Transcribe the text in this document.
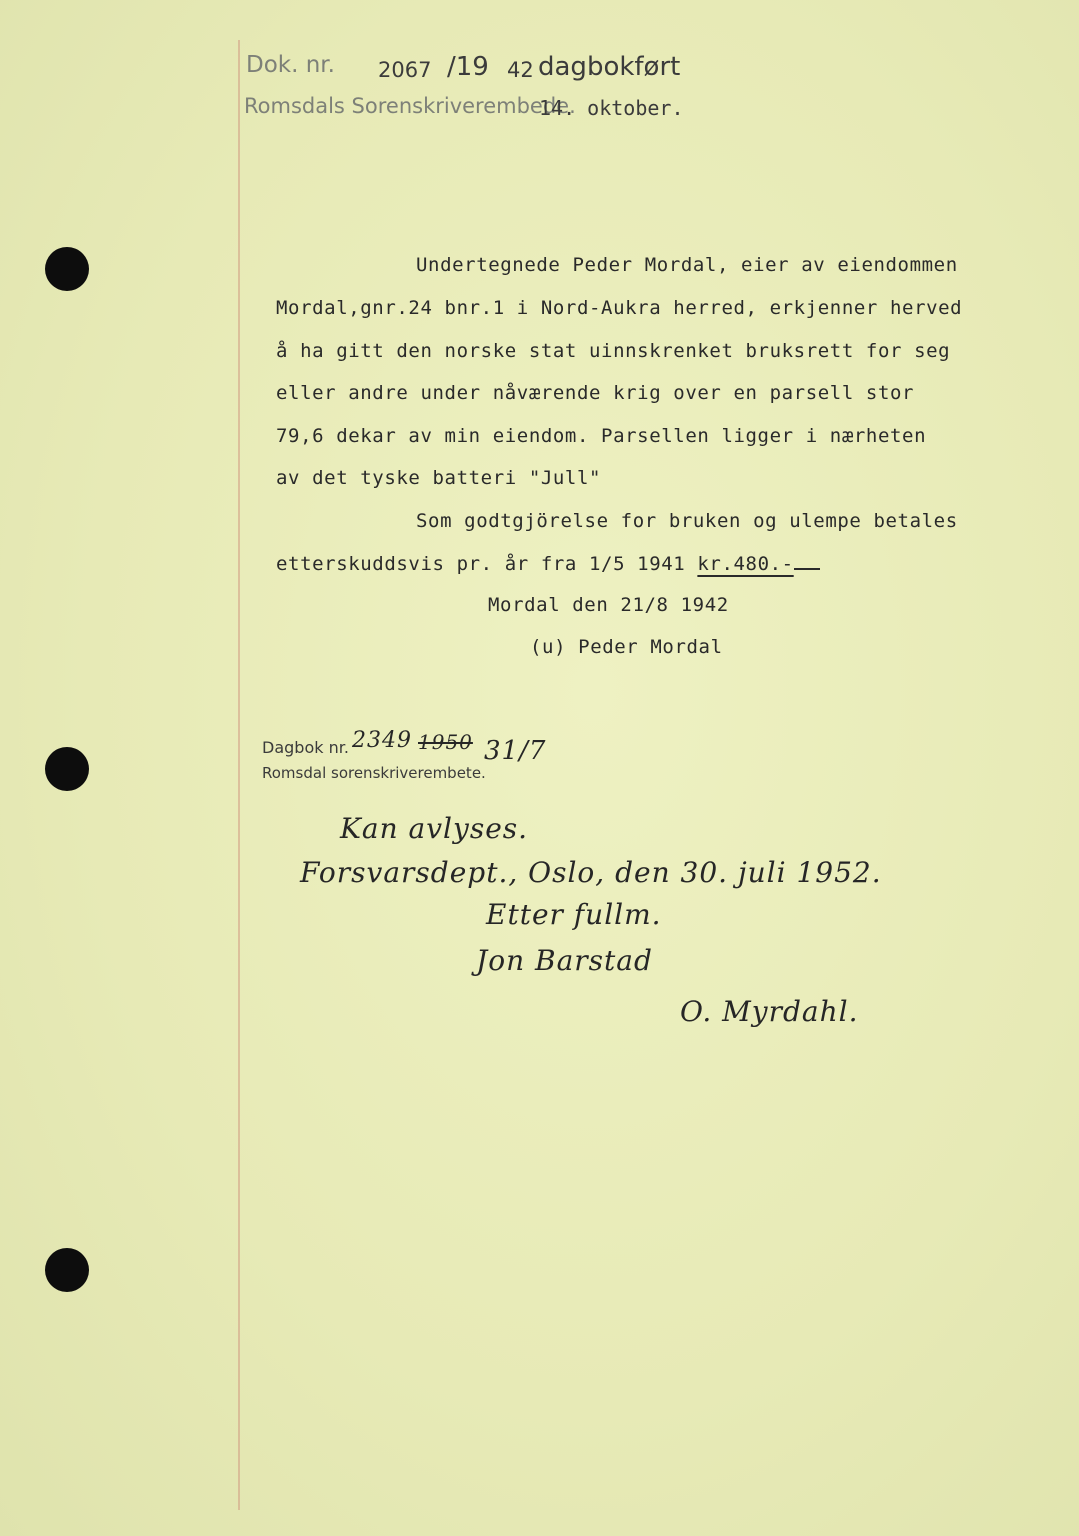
Dok. nr. 2067 /19 42 dagbokført
Romsdals Sorenskriverembede.
14. oktober.
Undertegnede Peder Mordal, eier av eiendommen
Mordal,gnr.24 bnr.1 i Nord-Aukra herred, erkjenner herved
å ha gitt den norske stat uinnskrenket bruksrett for seg
eller andre under nåværende krig over en parsell stor
79,6 dekar av min eiendom. Parsellen ligger i nærheten
av det tyske batteri "Jull"
Som godtgjörelse for bruken og ulempe betales
etterskuddsvis pr. år fra 1/5 1941 kr.480.-
Mordal den 21/8 1942
(u) Peder Mordal
Dagbok nr. 2349 1950 31/7
Romsdal sorenskriverembete.
Kan avlyses.
Forsvarsdept., Oslo, den 30. juli 1952.
Etter fullm.
Jon Barstad
O. Myrdahl.
